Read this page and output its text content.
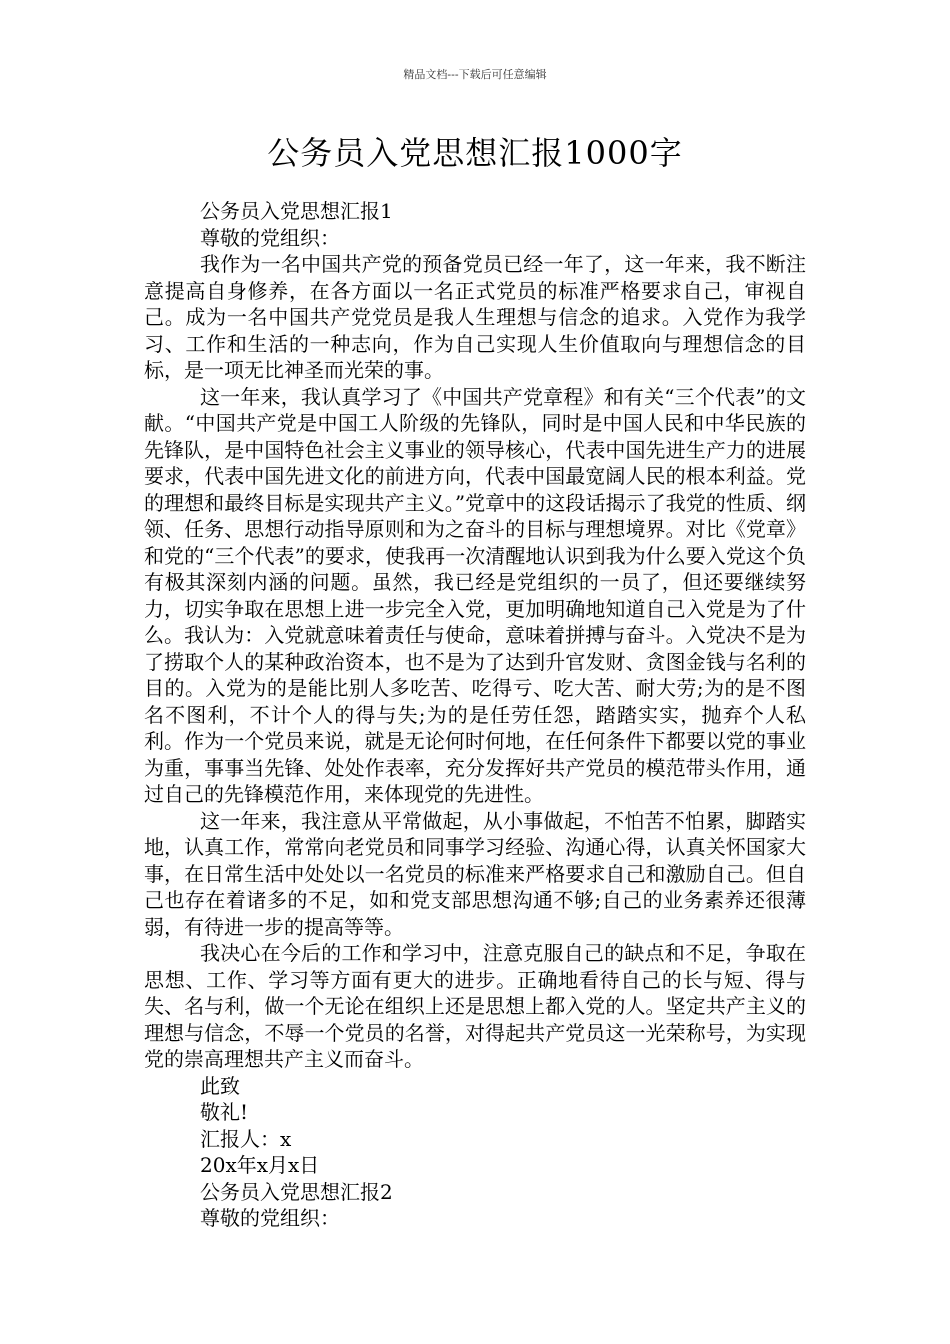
精品文档---下载后可任意编辑
公务员入党思想汇报1000字

公务员入党思想汇报1

尊敬的党组织：

我作为一名中国共产党的预备党员已经一年了，这一年来，我不断注意提高自身修养，在各方面以一名正式党员的标准严格要求自己，审视自己。成为一名中国共产党党员是我人生理想与信念的追求。入党作为我学习、工作和生活的一种志向，作为自己实现人生价值取向与理想信念的目标，是一项无比神圣而光荣的事。

这一年来，我认真学习了《中国共产党章程》和有关“三个代表”的文献。“中国共产党是中国工人阶级的先锋队，同时是中国人民和中华民族的先锋队，是中国特色社会主义事业的领导核心，代表中国先进生产力的进展要求，代表中国先进文化的前进方向，代表中国最宽阔人民的根本利益。党的理想和最终目标是实现共产主义。”党章中的这段话揭示了我党的性质、纲领、任务、思想行动指导原则和为之奋斗的目标与理想境界。对比《党章》和党的“三个代表”的要求，使我再一次清醒地认识到我为什么要入党这个负有极其深刻内涵的问题。虽然，我已经是党组织的一员了，但还要继续努力，切实争取在思想上进一步完全入党，更加明确地知道自己入党是为了什么。我认为：入党就意味着责任与使命，意味着拼搏与奋斗。入党决不是为了捞取个人的某种政治资本，也不是为了达到升官发财、贪图金钱与名利的目的。入党为的是能比别人多吃苦、吃得亏、吃大苦、耐大劳;为的是不图名不图利，不计个人的得与失;为的是任劳任怨，踏踏实实，抛弃个人私利。作为一个党员来说，就是无论何时何地，在任何条件下都要以党的事业为重，事事当先锋、处处作表率，充分发挥好共产党员的模范带头作用，通过自己的先锋模范作用，来体现党的先进性。

这一年来，我注意从平常做起，从小事做起，不怕苦不怕累，脚踏实地，认真工作，常常向老党员和同事学习经验、沟通心得，认真关怀国家大事，在日常生活中处处以一名党员的标准来严格要求自己和激励自己。但自己也存在着诸多的不足，如和党支部思想沟通不够;自己的业务素养还很薄弱，有待进一步的提高等等。

我决心在今后的工作和学习中，注意克服自己的缺点和不足，争取在思想、工作、学习等方面有更大的进步。正确地看待自己的长与短、得与失、名与利，做一个无论在组织上还是思想上都入党的人。坚定共产主义的理想与信念，不辱一个党员的名誉，对得起共产党员这一光荣称号，为实现党的崇高理想共产主义而奋斗。

此致

敬礼!

汇报人：x

20x年x月x日

公务员入党思想汇报2

尊敬的党组织：
